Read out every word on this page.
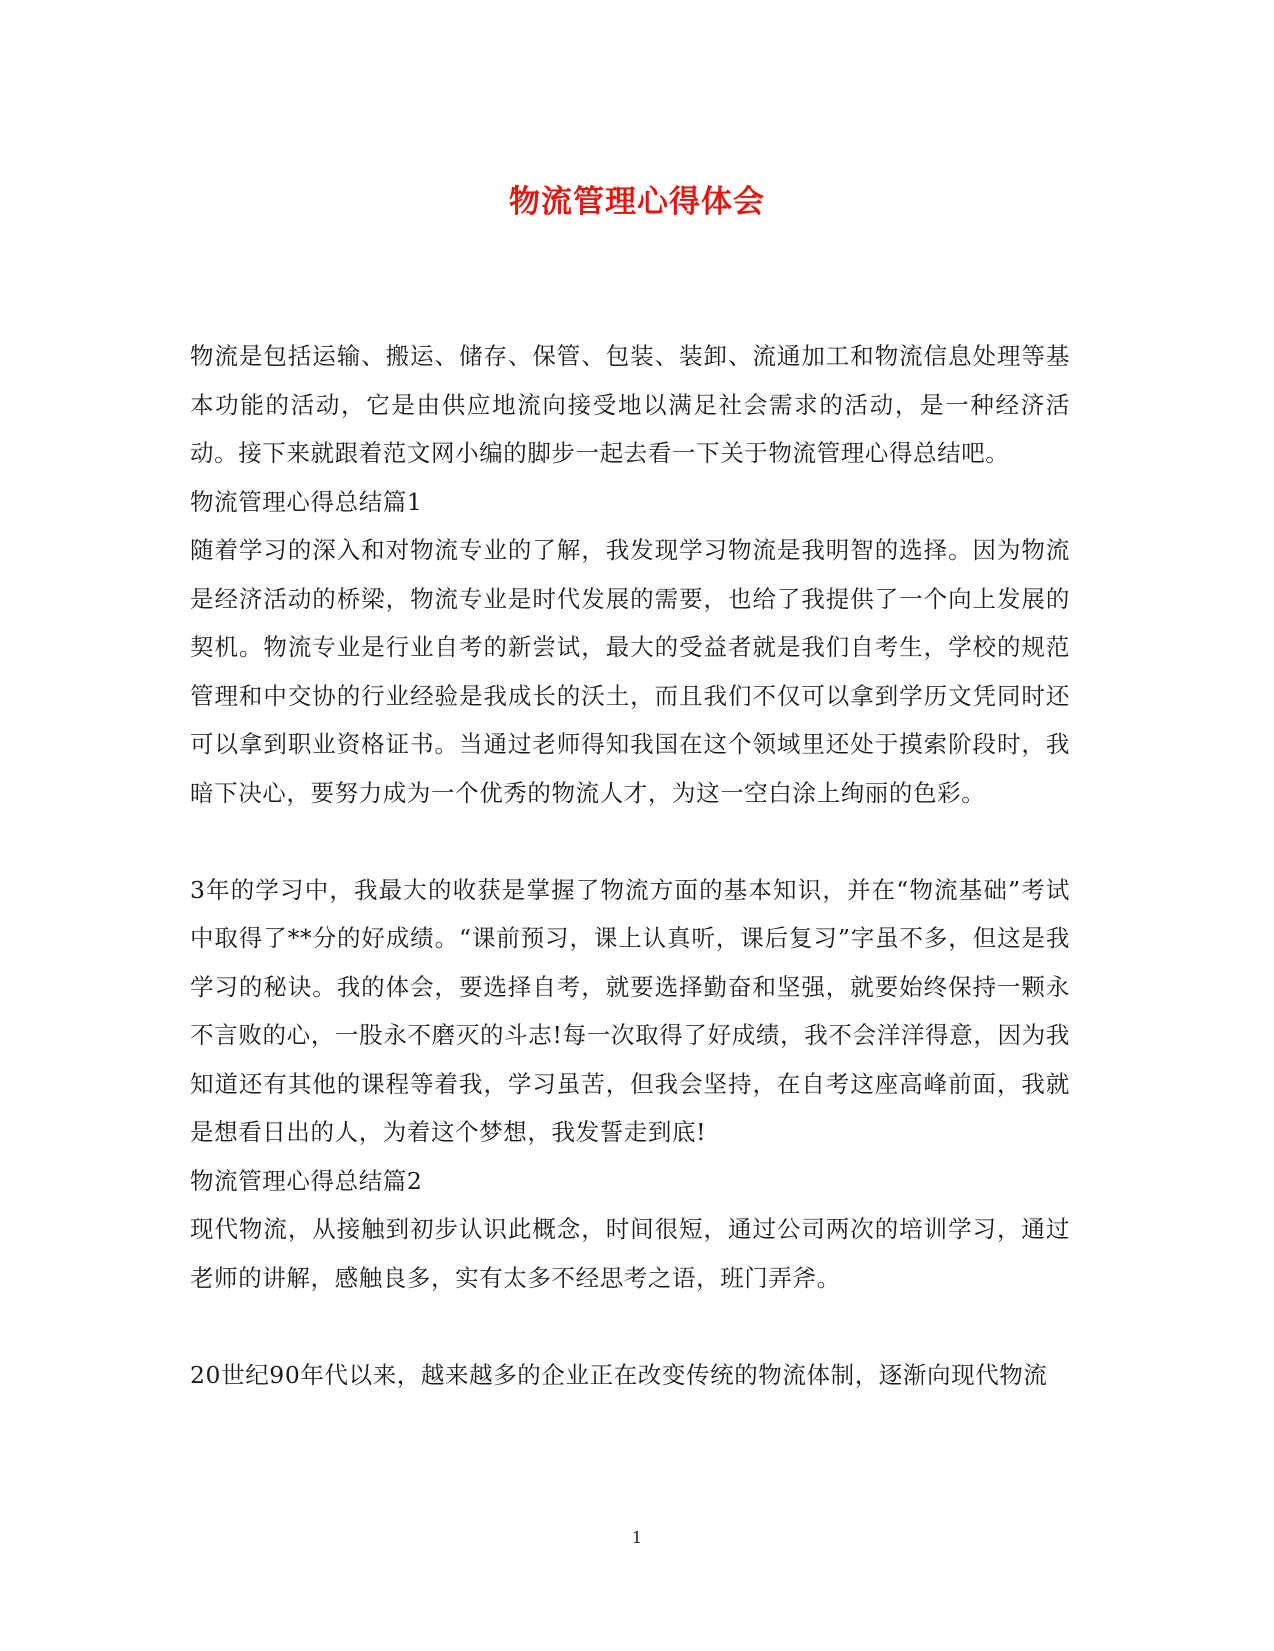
物流管理心得体会

物流是包括运输、搬运、储存、保管、包装、装卸、流通加工和物流信息处理等基本功能的活动，它是由供应地流向接受地以满足社会需求的活动，是一种经济活动。接下来就跟着范文网小编的脚步一起去看一下关于物流管理心得总结吧。

物流管理心得总结篇1

随着学习的深入和对物流专业的了解，我发现学习物流是我明智的选择。因为物流是经济活动的桥梁，物流专业是时代发展的需要，也给了我提供了一个向上发展的契机。物流专业是行业自考的新尝试，最大的受益者就是我们自考生，学校的规范管理和中交协的行业经验是我成长的沃土，而且我们不仅可以拿到学历文凭同时还可以拿到职业资格证书。当通过老师得知我国在这个领域里还处于摸索阶段时，我暗下决心，要努力成为一个优秀的物流人才，为这一空白涂上绚丽的色彩。

3年的学习中，我最大的收获是掌握了物流方面的基本知识，并在“物流基础”考试中取得了**分的好成绩。“课前预习，课上认真听，课后复习”字虽不多，但这是我学习的秘诀。我的体会，要选择自考，就要选择勤奋和坚强，就要始终保持一颗永不言败的心，一股永不磨灭的斗志!每一次取得了好成绩，我不会洋洋得意，因为我知道还有其他的课程等着我，学习虽苦，但我会坚持，在自考这座高峰前面，我就是想看日出的人，为着这个梦想，我发誓走到底!

物流管理心得总结篇2

现代物流，从接触到初步认识此概念，时间很短，通过公司两次的培训学习，通过老师的讲解，感触良多，实有太多不经思考之语，班门弄斧。

20世纪90年代以来，越来越多的企业正在改变传统的物流体制，逐渐向现代物流

1
